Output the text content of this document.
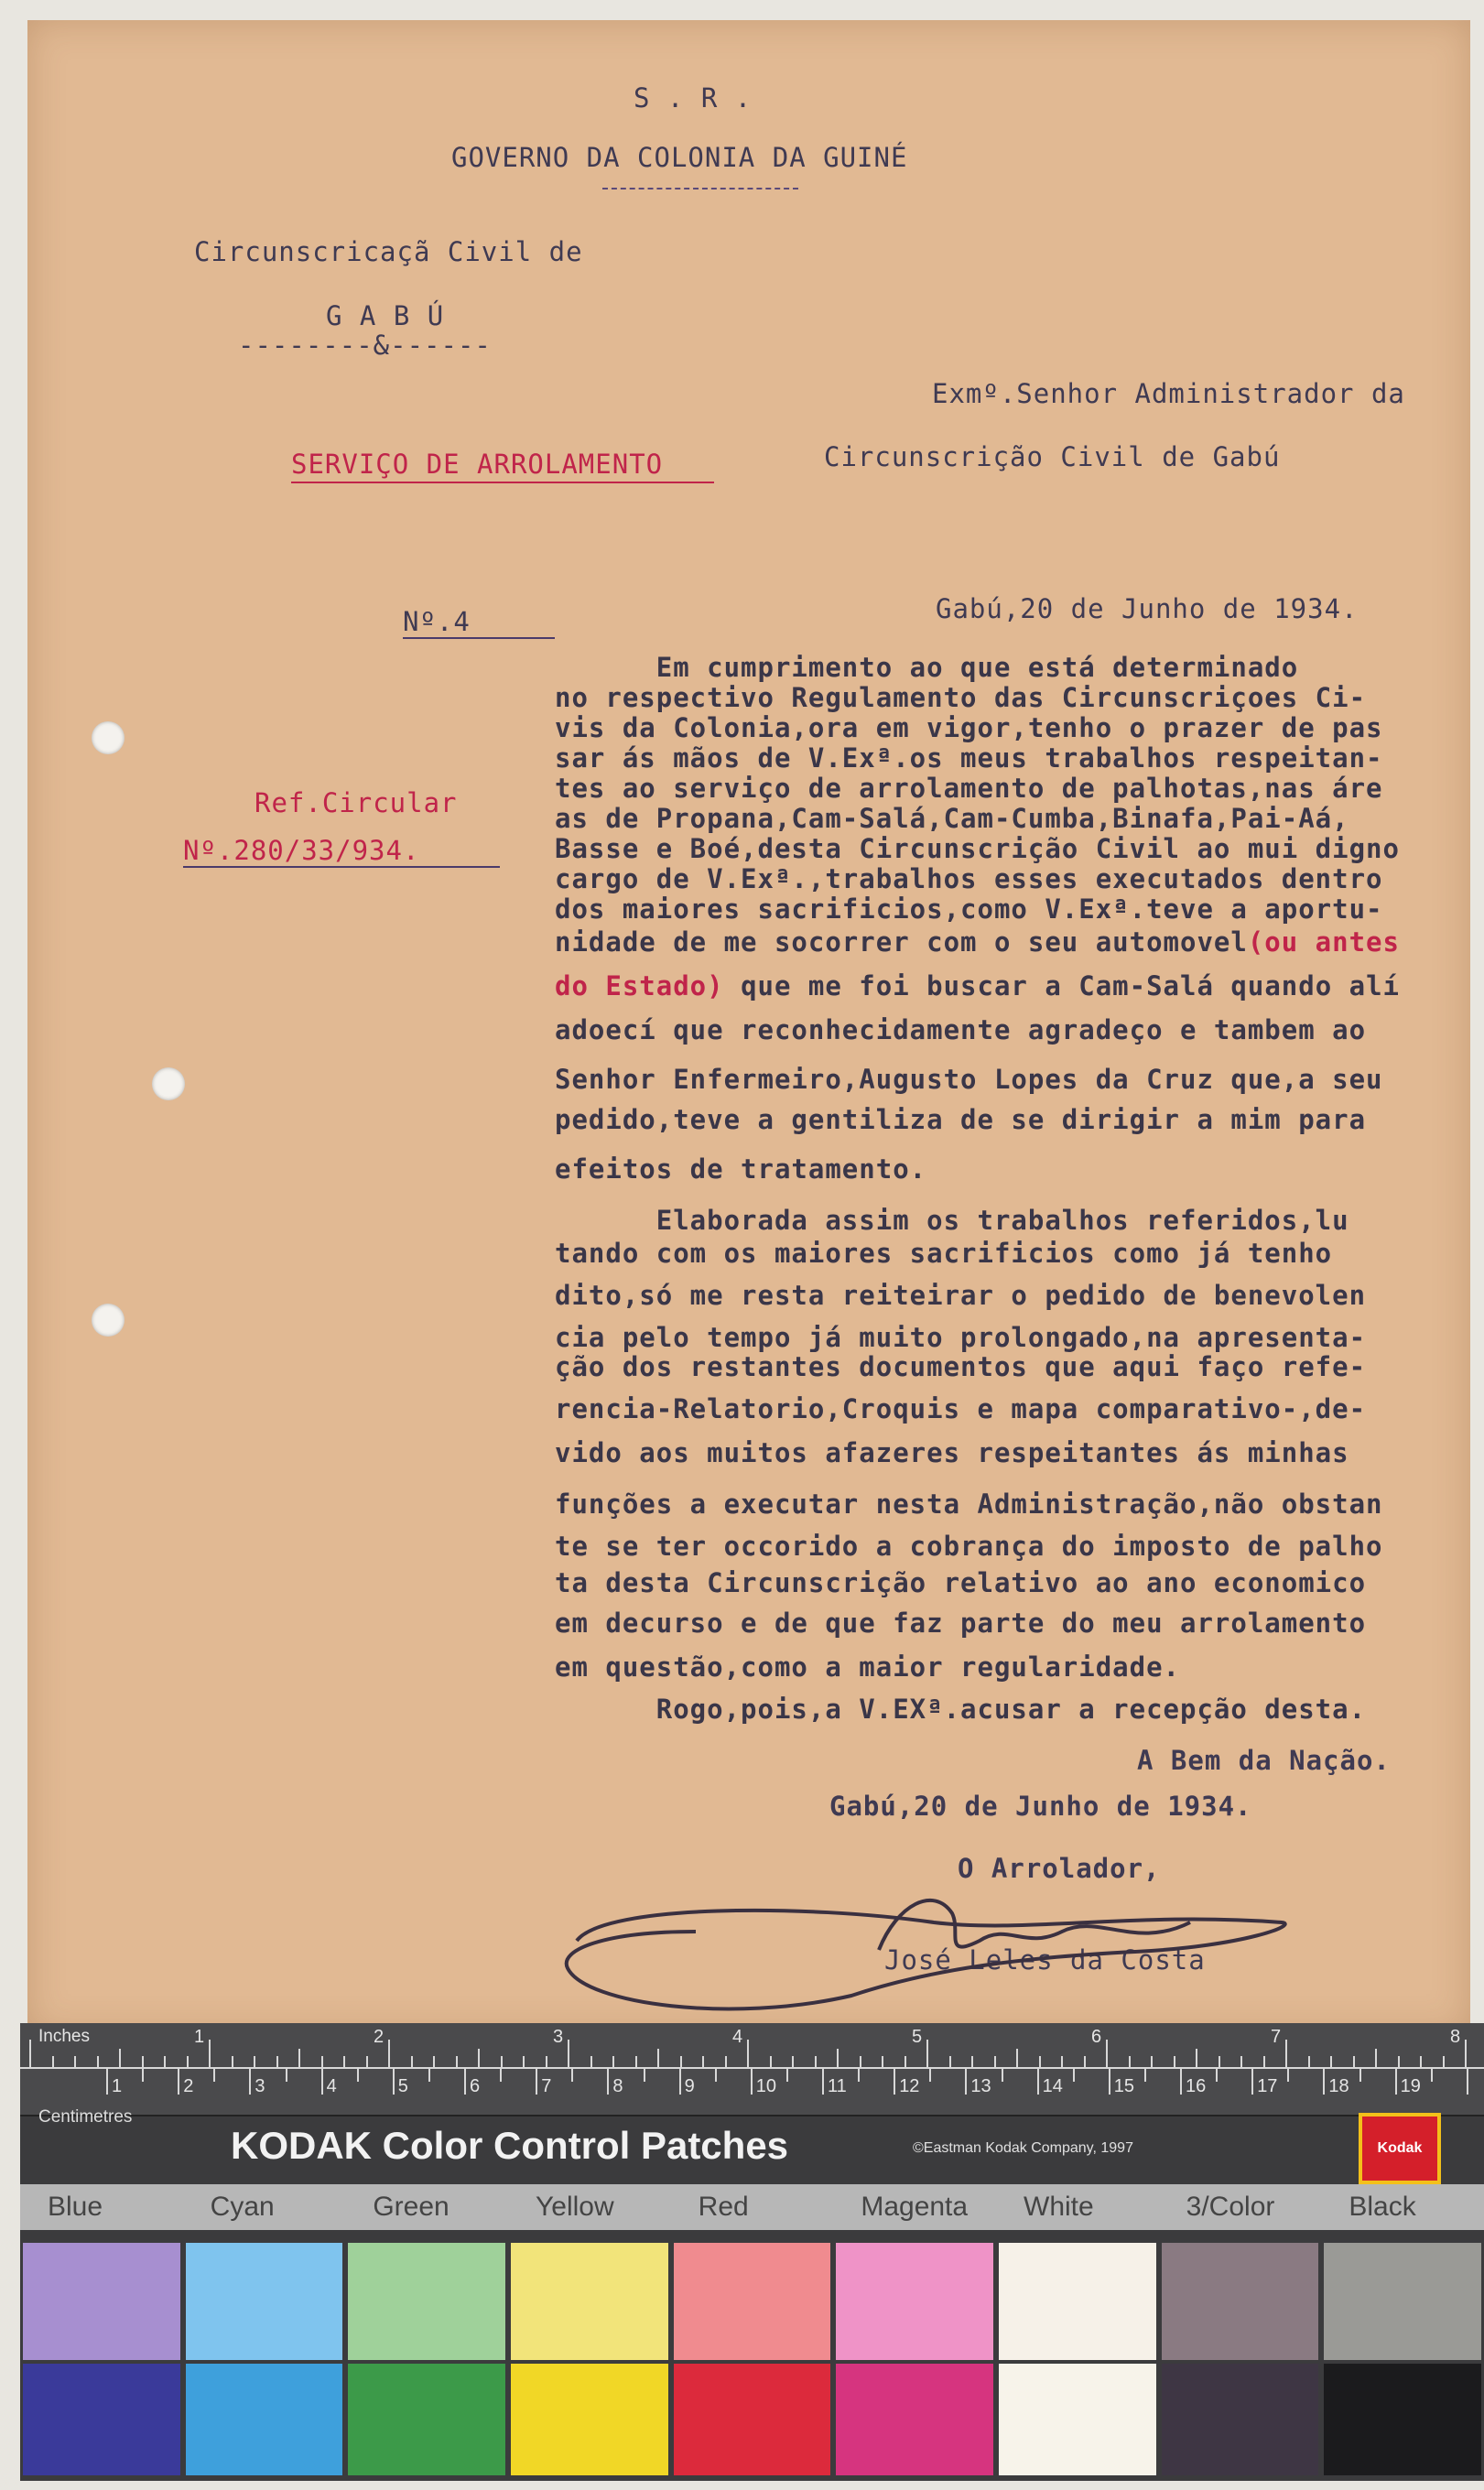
S . R .
GOVERNO DA COLONIA DA GUINÉ
Circunscricaçã Civil de
G A B Ú
--------&------
Exmº.Senhor Administrador da
Circunscrição Civil de Gabú
SERVIÇO DE ARROLAMENTO
Nº.4	Gabú,20 de Junho de 1934.
Ref.Circular
Nº.280/33/934.
Em cumprimento ao que está determinado
no respectivo Regulamento das Circunscriçoes Ci-
vis da Colonia,ora em vigor,tenho o prazer de pas
sar ás mãos de V.Exª.os meus trabalhos respeitan-
tes ao serviço de arrolamento de palhotas,nas áre
as de Propana,Cam-Salá,Cam-Cumba,Binafa,Pai-Aá,
Basse e Boé,desta Circunscrição Civil ao mui digno
cargo de V.Exª.,trabalhos esses executados dentro
dos maiores sacrificios,como V.Exª.teve a aportu-
nidade de me socorrer com o seu automovel(ou antes
do Estado) que me foi buscar a Cam-Salá quando alí
adoecí que reconhecidamente agradeço e tambem ao
Senhor Enfermeiro,Augusto Lopes da Cruz que,a seu
pedido,teve a gentiliza de se dirigir a mim para
efeitos de tratamento.
Elaborada assim os trabalhos referidos,lu
tando com os maiores sacrificios como já tenho
dito,só me resta reiteirar o pedido de benevolen
cia pelo tempo já muito prolongado,na apresenta-
ção dos restantes documentos que aqui faço refe-
rencia-Relatorio,Croquis e mapa comparativo-,de-
vido aos muitos afazeres respeitantes ás minhas
funções a executar nesta Administração,não obstan
te se ter occorido a cobrança do imposto de palho
ta desta Circunscrição relativo ao ano economico
em decurso e de que faz parte do meu arrolamento
em questão,como a maior regularidade.
Rogo,pois,a V.EXª.acusar a recepção desta.
A Bem da Nação.
Gabú,20 de Junho de 1934.
O Arrolador,
José Leles da Costa
Inches
Centimetres
1	2	3	4	5	6	7	8
1	2	3	4	5	6	7	8	9	10	11	12	13	14	15	16	17	18	19
KODAK Color Control Patches	©Eastman Kodak Company, 1997	Kodak
Blue	Cyan	Green	Yellow	Red	Magenta White	3/Color	Black
